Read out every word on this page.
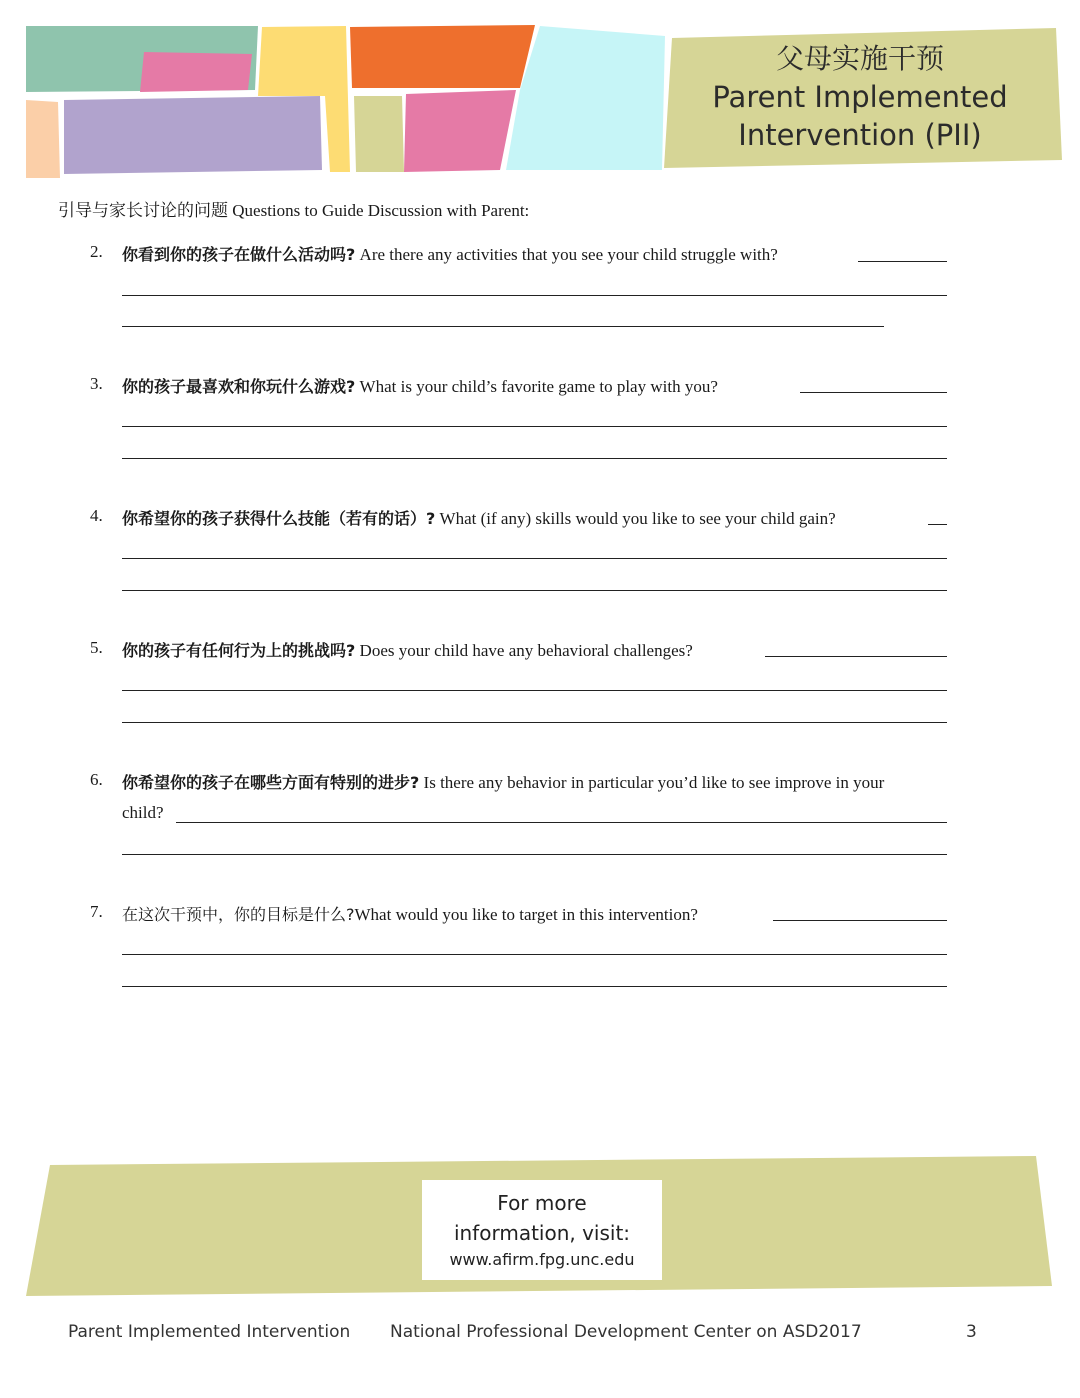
父母实施干预
Parent Implemented
Intervention (PII)
引导与家长讨论的问题 Questions to Guide Discussion with Parent:
2. 你看到你的孩子在做什么活动吗? Are there any activities that you see your child struggle with?
3. 你的孩子最喜欢和你玩什么游戏? What is your child’s favorite game to play with you?
4. 你希望你的孩子获得什么技能（若有的话）? What (if any) skills would you like to see your child gain?
5. 你的孩子有任何行为上的挑战吗? Does your child have any behavioral challenges?
6. 你希望你的孩子在哪些方面有特别的进步? Is there any behavior in particular you’d like to see improve in your
child?
7. 在这次干预中，你的目标是什么?What would you like to target in this intervention?
For more
information, visit:
www.afirm.fpg.unc.edu
Parent Implemented Intervention National Professional Development Center on ASD2017	3
